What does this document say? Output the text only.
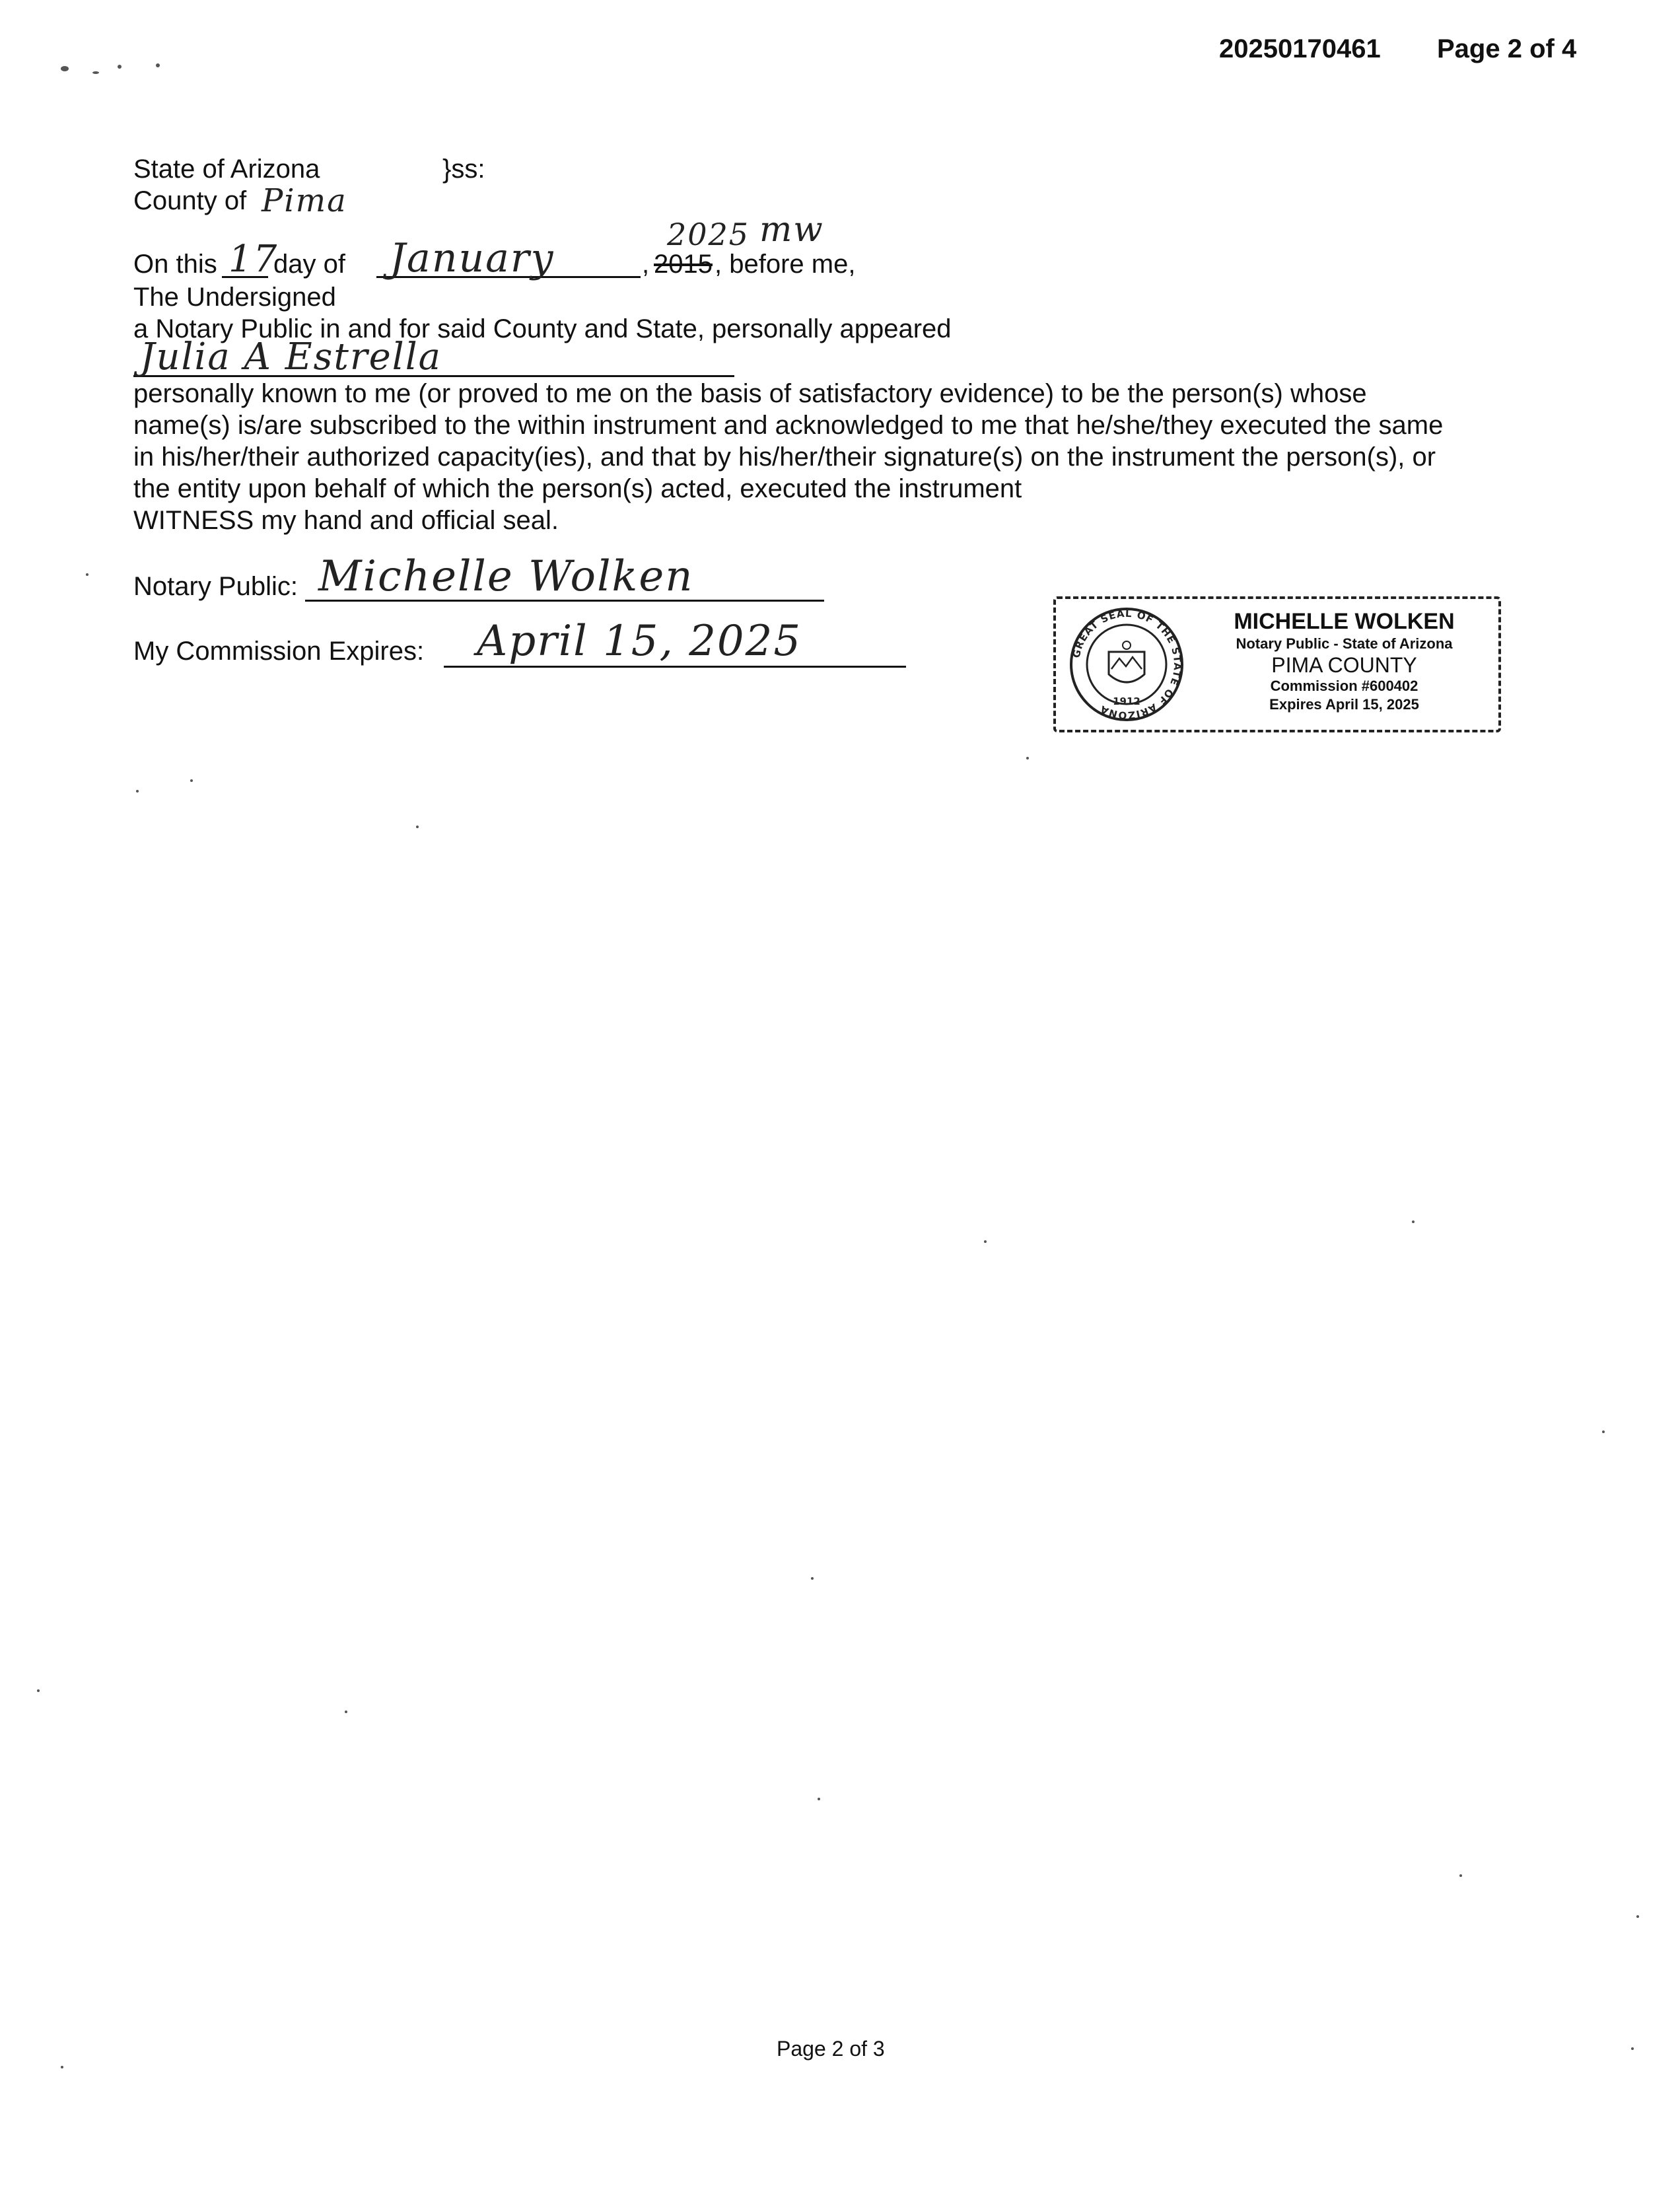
20250170461 Page 2 of 4
State of Arizona	}ss:
County of Pima
On this 17
day of January	, 2015
2025 mw
, before me,
The Undersigned
a Notary Public in and for said County and State, personally appeared
Julia A Estrella
personally known to me (or proved to me on the basis of satisfactory evidence) to be the person(s) whose
name(s) is/are subscribed to the within instrument and acknowledged to me that he/she/they executed the same
in his/her/their authorized capacity(ies), and that by his/her/their signature(s) on the instrument the person(s), or
the entity upon behalf of which the person(s) acted, executed the instrument
WITNESS my hand and official seal.
Notary Public: Michelle Wolken
My Commission Expires: April 15, 2025	GREAT SEAL OF THE STATE OF ARIZONA
1912
MICHELLE WOLKEN
Notary Public - State of Arizona
PIMA COUNTY
Commission #600402
Expires April 15, 2025
Page 2 of 3
